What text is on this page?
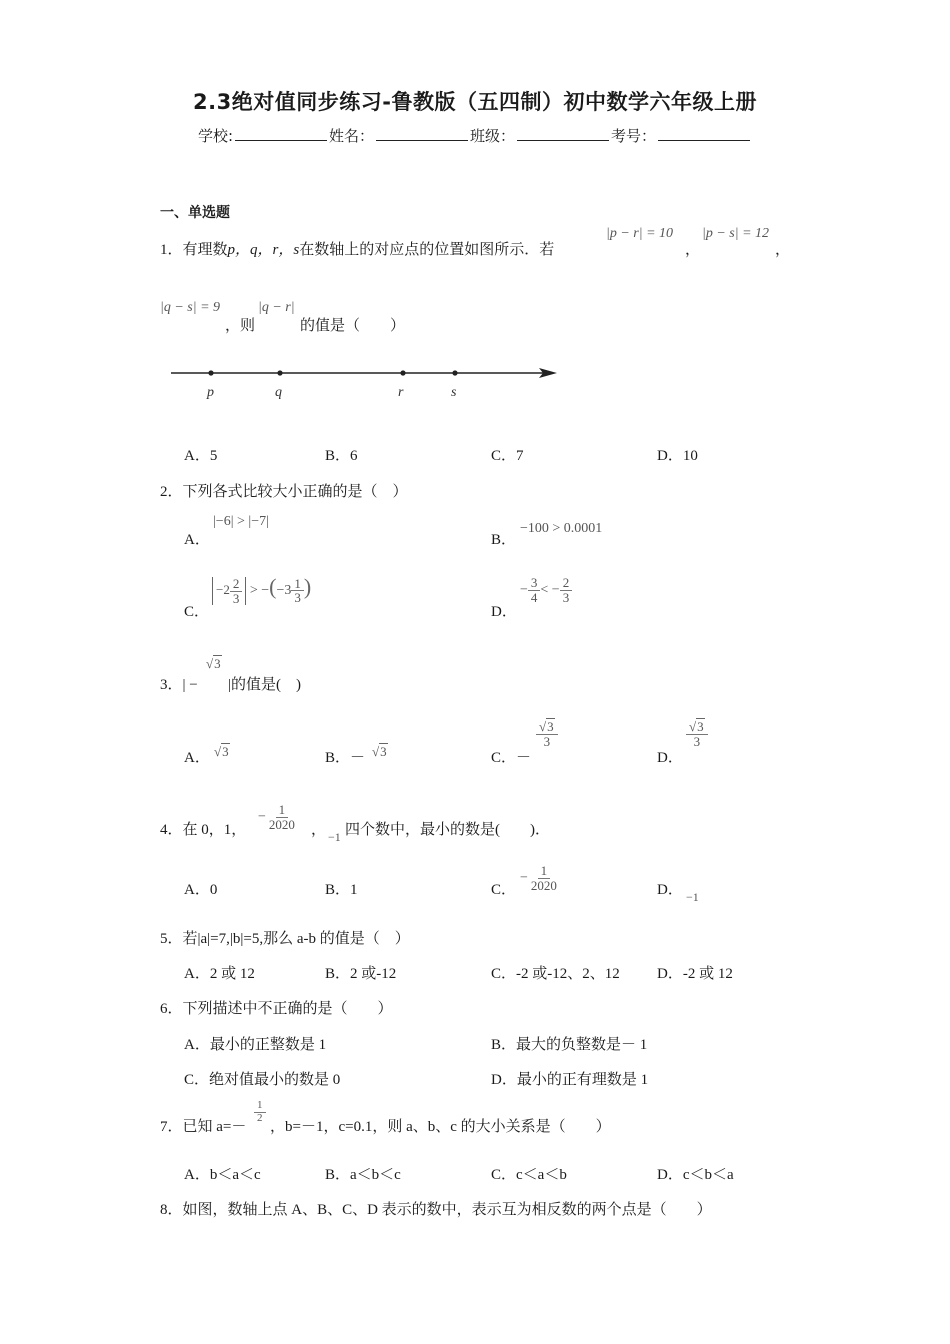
2.3绝对值同步练习-鲁教版（五四制）初中数学六年级上册
学校:	姓名：	班级：	考号：
一、单选题
1．有理数p，q，r，s在数轴上的对应点的位置如图所示．若
|p − r| = 10
，
|p − s| = 12
，
|q − s| = 9
，则
|q − r|
的值是（　　）
p	q	r	s
A．5	B．6	C．7	D．10
2．下列各式比较大小正确的是（　）
A．
|−6| > |−7|
B．
−100 > 0.0001
C．
$-2 \frac{2}{3} > -(-3 \frac{1}{3}$ )
D．
− $\frac{3}{4}$ < − $\frac{2}{3}$
3．| −
√3
|的值是(　)
A． √3	B．－ √3	C．－
$\frac{√3}{3}$
D．
$\frac{√3}{3}$
4．在 0，1，
− $\frac{1}{2020}$ ， −1 四个数中，最小的数是(　　)．
A．0	B．1	C．
− $\frac{1}{2020}$	D． −1
5．若|a|=7,|b|=5,那么 a-b 的值是（　）
A．2 或 12	B．2 或-12	C．-2 或-12、2、12 D．-2 或 12
6．下列描述中不正确的是（　　）
A．最小的正整数是 1	B．最大的负整数是－ 1
C．绝对值最小的数是 0	D．最小的正有理数是 1
7．已知 a=－
$\frac{1}{2}$
，b=－1，c=0.1，则 a、b、c 的大小关系是（　　）
A．b＜a＜c	B．a＜b＜c	C．c＜a＜b	D．c＜b＜a
8．如图，数轴上点 A、B、C、D 表示的数中，表示互为相反数的两个点是（　　）
